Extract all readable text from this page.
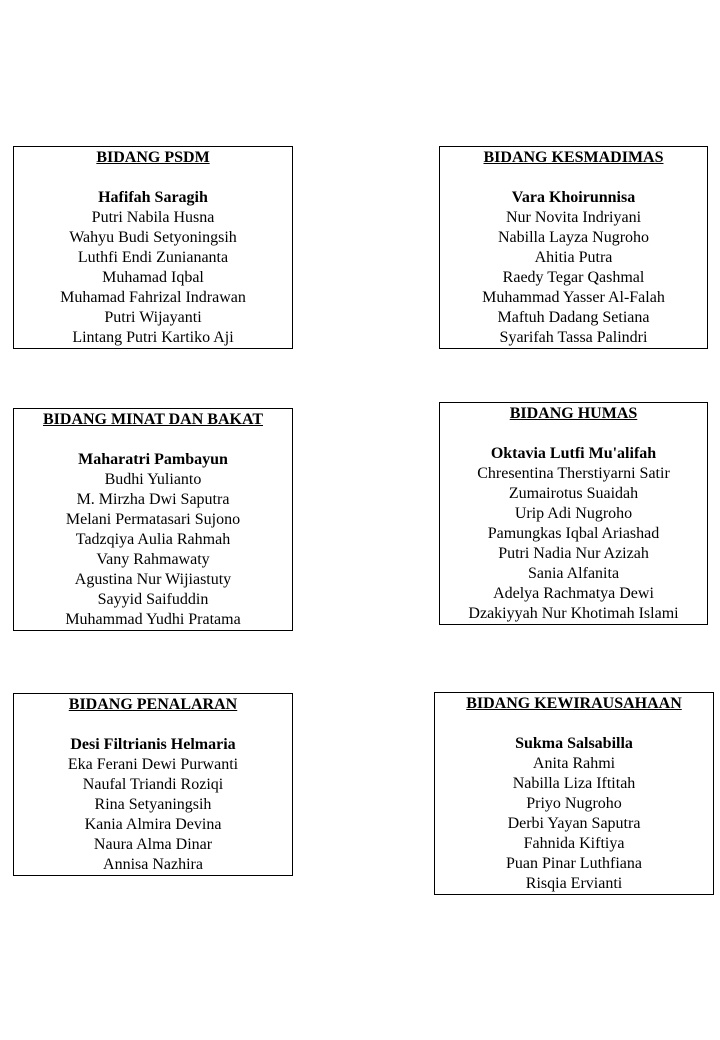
BIDANG PSDM
Hafifah Saragih
Putri Nabila Husna
Wahyu Budi Setyoningsih
Luthfi Endi Zuniananta
Muhamad Iqbal
Muhamad Fahrizal Indrawan
Putri Wijayanti
Lintang Putri Kartiko Aji
BIDANG KESMADIMAS
Vara Khoirunnisa
Nur Novita Indriyani
Nabilla Layza Nugroho
Ahitia Putra
Raedy Tegar Qashmal
Muhammad Yasser Al-Falah
Maftuh Dadang Setiana
Syarifah Tassa Palindri
BIDANG MINAT DAN BAKAT
Maharatri Pambayun
Budhi Yulianto
M. Mirzha Dwi Saputra
Melani Permatasari Sujono
Tadzqiya Aulia Rahmah
Vany Rahmawaty
Agustina Nur Wijiastuty
Sayyid Saifuddin
Muhammad Yudhi Pratama
BIDANG HUMAS
Oktavia Lutfi Mu'alifah
Chresentina Therstiyarni Satir
Zumairotus Suaidah
Urip Adi Nugroho
Pamungkas Iqbal Ariashad
Putri Nadia Nur Azizah
Sania Alfanita
Adelya Rachmatya Dewi
Dzakiyyah Nur Khotimah Islami
BIDANG PENALARAN
Desi Filtrianis Helmaria
Eka Ferani Dewi Purwanti
Naufal Triandi Roziqi
Rina Setyaningsih
Kania Almira Devina
Naura Alma Dinar
Annisa Nazhira
BIDANG KEWIRAUSAHAAN
Sukma Salsabilla
Anita Rahmi
Nabilla Liza Iftitah
Priyo Nugroho
Derbi Yayan Saputra
Fahnida Kiftiya
Puan Pinar Luthfiana
Risqia Ervianti
